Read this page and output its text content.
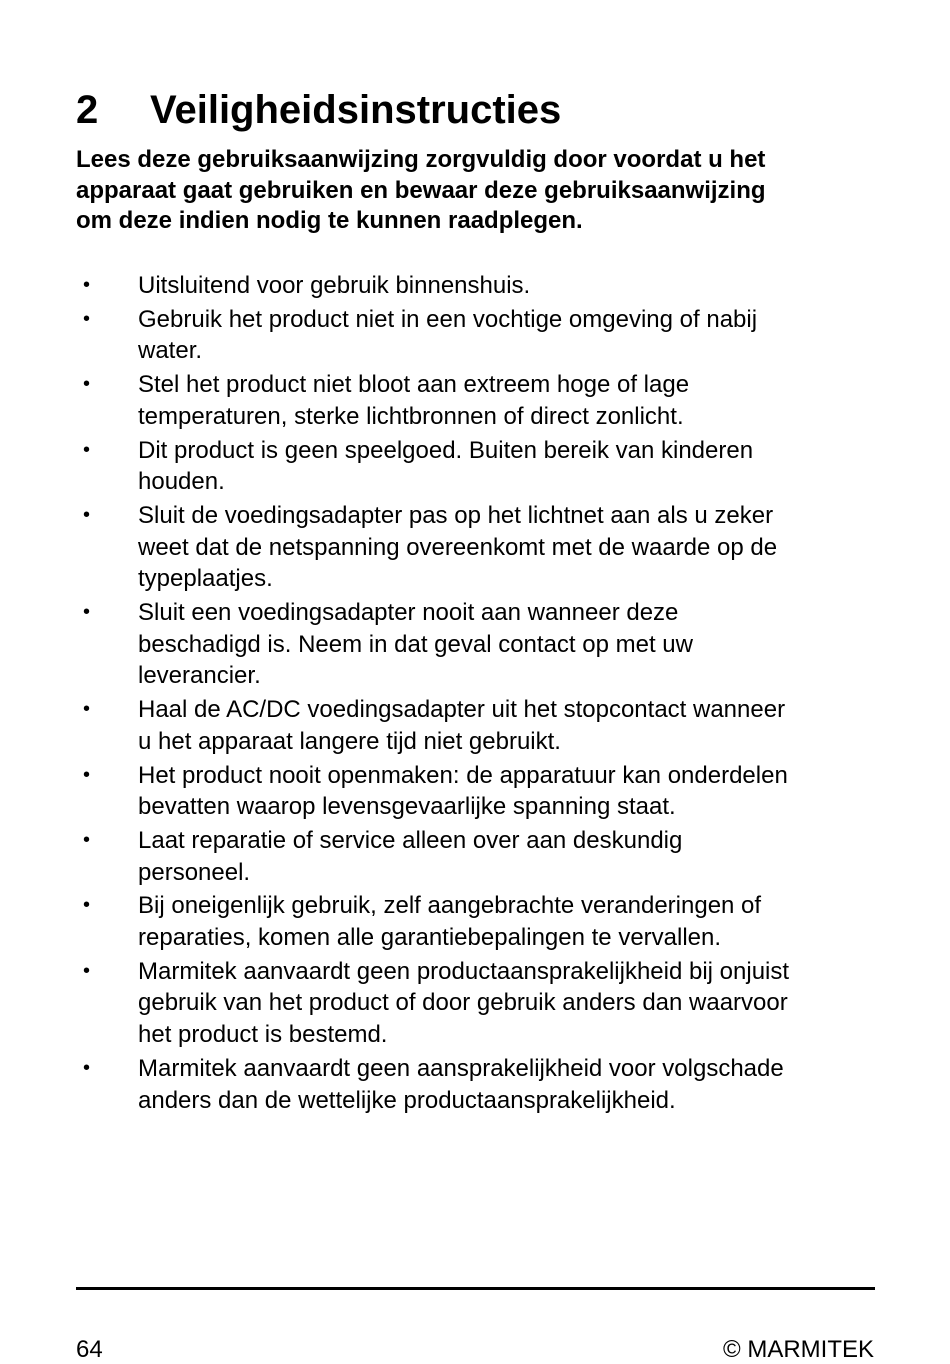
2 Veiligheidsinstructies

Lees deze gebruiksaanwijzing zorgvuldig door voordat u het
apparaat gaat gebruiken en bewaar deze gebruiksaanwijzing
om deze indien nodig te kunnen raadplegen.

• Uitsluitend voor gebruik binnenshuis.
• Gebruik het product niet in een vochtige omgeving of nabij
water.
• Stel het product niet bloot aan extreem hoge of lage
temperaturen, sterke lichtbronnen of direct zonlicht.
• Dit product is geen speelgoed. Buiten bereik van kinderen
houden.
• Sluit de voedingsadapter pas op het lichtnet aan als u zeker
weet dat de netspanning overeenkomt met de waarde op de
typeplaatjes.
• Sluit een voedingsadapter nooit aan wanneer deze
beschadigd is. Neem in dat geval contact op met uw
leverancier.
• Haal de AC/DC voedingsadapter uit het stopcontact wanneer
u het apparaat langere tijd niet gebruikt.
• Het product nooit openmaken: de apparatuur kan onderdelen
bevatten waarop levensgevaarlijke spanning staat.
• Laat reparatie of service alleen over aan deskundig
personeel.
• Bij oneigenlijk gebruik, zelf aangebrachte veranderingen of
reparaties, komen alle garantiebepalingen te vervallen.
• Marmitek aanvaardt geen productaansprakelijkheid bij onjuist
gebruik van het product of door gebruik anders dan waarvoor
het product is bestemd.
• Marmitek aanvaardt geen aansprakelijkheid voor volgschade
anders dan de wettelijke productaansprakelijkheid.
64	© MARMITEK
